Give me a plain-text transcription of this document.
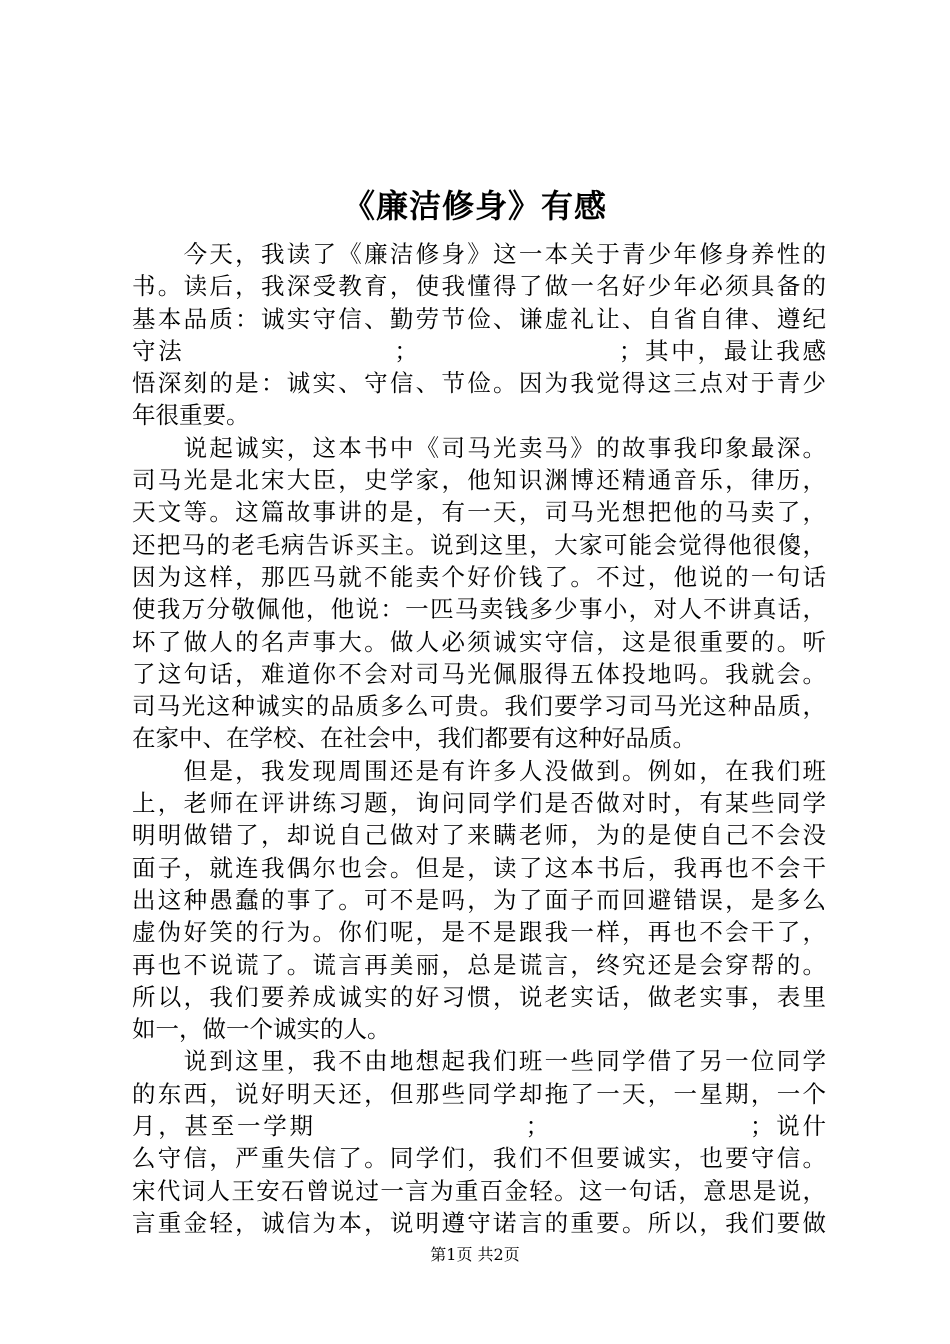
《廉洁修身》有感
　　今天，我读了《廉洁修身》这一本关于青少年修身养性的
书。读后，我深受教育，使我懂得了做一名好少年必须具备的
基本品质：诚实守信、勤劳节俭、谦虚礼让、自省自律、遵纪
守法　　　　　　　　；　　　　　　　　；其中，最让我感
悟深刻的是：诚实、守信、节俭。因为我觉得这三点对于青少
年很重要。
　　说起诚实，这本书中《司马光卖马》的故事我印象最深。
司马光是北宋大臣，史学家，他知识渊博还精通音乐，律历，
天文等。这篇故事讲的是，有一天，司马光想把他的马卖了，
还把马的老毛病告诉买主。说到这里，大家可能会觉得他很傻，
因为这样，那匹马就不能卖个好价钱了。不过，他说的一句话
使我万分敬佩他，他说：一匹马卖钱多少事小，对人不讲真话，
坏了做人的名声事大。做人必须诚实守信，这是很重要的。听
了这句话，难道你不会对司马光佩服得五体投地吗。我就会。
司马光这种诚实的品质多么可贵。我们要学习司马光这种品质，
在家中、在学校、在社会中，我们都要有这种好品质。
　　但是，我发现周围还是有许多人没做到。例如，在我们班
上，老师在评讲练习题，询问同学们是否做对时，有某些同学
明明做错了，却说自己做对了来瞒老师，为的是使自己不会没
面子，就连我偶尔也会。但是，读了这本书后，我再也不会干
出这种愚蠢的事了。可不是吗，为了面子而回避错误，是多么
虚伪好笑的行为。你们呢，是不是跟我一样，再也不会干了，
再也不说谎了。谎言再美丽，总是谎言，终究还是会穿帮的。
所以，我们要养成诚实的好习惯，说老实话，做老实事，表里
如一，做一个诚实的人。
　　说到这里，我不由地想起我们班一些同学借了另一位同学
的东西，说好明天还，但那些同学却拖了一天，一星期，一个
月，甚至一学期　　　　　　　　；　　　　　　　　；说什
么守信，严重失信了。同学们，我们不但要诚实，也要守信。
宋代词人王安石曾说过一言为重百金轻。这一句话，意思是说，
言重金轻，诚信为本，说明遵守诺言的重要。所以，我们要做
第1页 共2页
